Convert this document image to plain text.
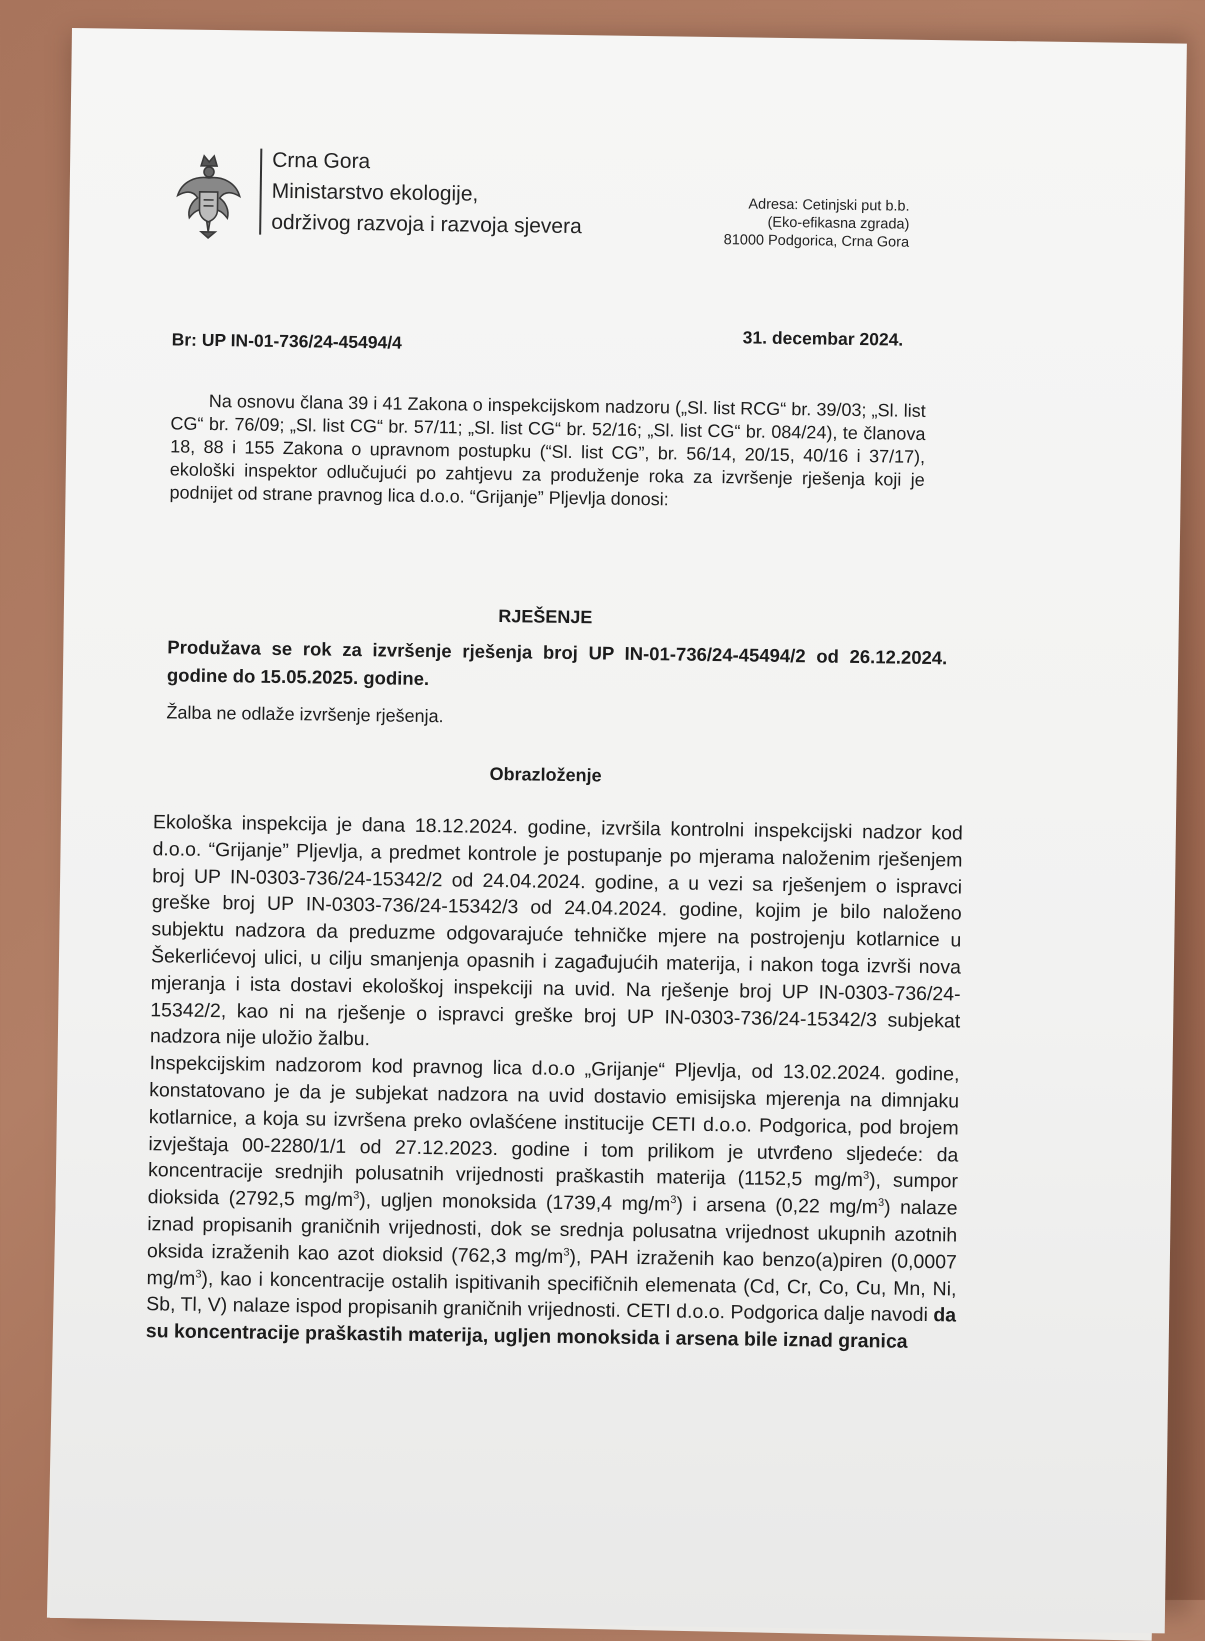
Crna Gora
Ministarstvo ekologije,
održivog razvoja i razvoja sjevera
Adresa: Cetinjski put b.b.
(Eko-efikasna zgrada)
81000 Podgorica, Crna Gora
Br: UP IN-01-736/24-45494/4	31. decembar 2024.
Na osnovu člana 39 i 41 Zakona o inspekcijskom nadzoru („Sl. list RCG“ br. 39/03; „Sl. list CG“ br. 76/09; „Sl. list CG“ br. 57/11; „Sl. list CG“ br. 52/16; „Sl. list CG“ br. 084/24), te članova 18, 88 i 155 Zakona o upravnom postupku (“Sl. list CG”, br. 56/14, 20/15, 40/16 i 37/17), ekološki inspektor odlučujući po zahtjevu za produženje roka za izvršenje rješenja koji je podnijet od strane pravnog lica d.o.o. “Grijanje” Pljevlja donosi:
RJEŠENJE
Produžava se rok za izvršenje rješenja broj UP IN-01-736/24-45494/2 od 26.12.2024. godine do 15.05.2025. godine.
Žalba ne odlaže izvršenje rješenja.
Obrazloženje

Ekološka inspekcija je dana 18.12.2024. godine, izvršila kontrolni inspekcijski nadzor kod d.o.o. “Grijanje” Pljevlja, a predmet kontrole je postupanje po mjerama naloženim rješenjem broj UP IN-0303-736/24-15342/2 od 24.04.2024. godine, a u vezi sa rješenjem o ispravci greške broj UP IN-0303-736/24-15342/3 od 24.04.2024. godine, kojim je bilo naloženo subjektu nadzora da preduzme odgovarajuće tehničke mjere na postrojenju kotlarnice u Šekerlićevoj ulici, u cilju smanjenja opasnih i zagađujućih materija, i nakon toga izvrši nova mjeranja i ista dostavi ekološkoj inspekciji na uvid. Na rješenje broj UP IN-0303-736/24-15342/2, kao ni na rješenje o ispravci greške broj UP IN-0303-736/24-15342/3 subjekat nadzora nije uložio žalbu.

Inspekcijskim nadzorom kod pravnog lica d.o.o „Grijanje“ Pljevlja, od 13.02.2024. godine, konstatovano je da je subjekat nadzora na uvid dostavio emisijska mjerenja na dimnjaku kotlarnice, a koja su izvršena preko ovlašćene institucije CETI d.o.o. Podgorica, pod brojem izvještaja 00-2280/1/1 od 27.12.2023. godine i tom prilikom je utvrđeno sljedeće: da koncentracije srednjih polusatnih vrijednosti praškastih materija (1152,5 $mg/m^3$), sumpor dioksida (2792,5 $mg/m^3$), ugljen monoksida (1739,4 $mg/m^3$) i arsena (0,22 $mg/m^3$) nalaze iznad propisanih graničnih vrijednosti, dok se srednja polusatna vrijednost ukupnih azotnih oksida izraženih kao azot dioksid (762,3 $mg/m^3$), PAH izraženih kao benzo(a)piren (0,0007 $mg/m^3$), kao i koncentracije ostalih ispitivanih specifičnih elemenata (Cd, Cr, Co, Cu, Mn, Ni, Sb, Tl, V) nalaze ispod propisanih graničnih vrijednosti. CETI d.o.o. Podgorica dalje navodi da su koncentracije praškastih materija, ugljen monoksida i arsena bile iznad granica
